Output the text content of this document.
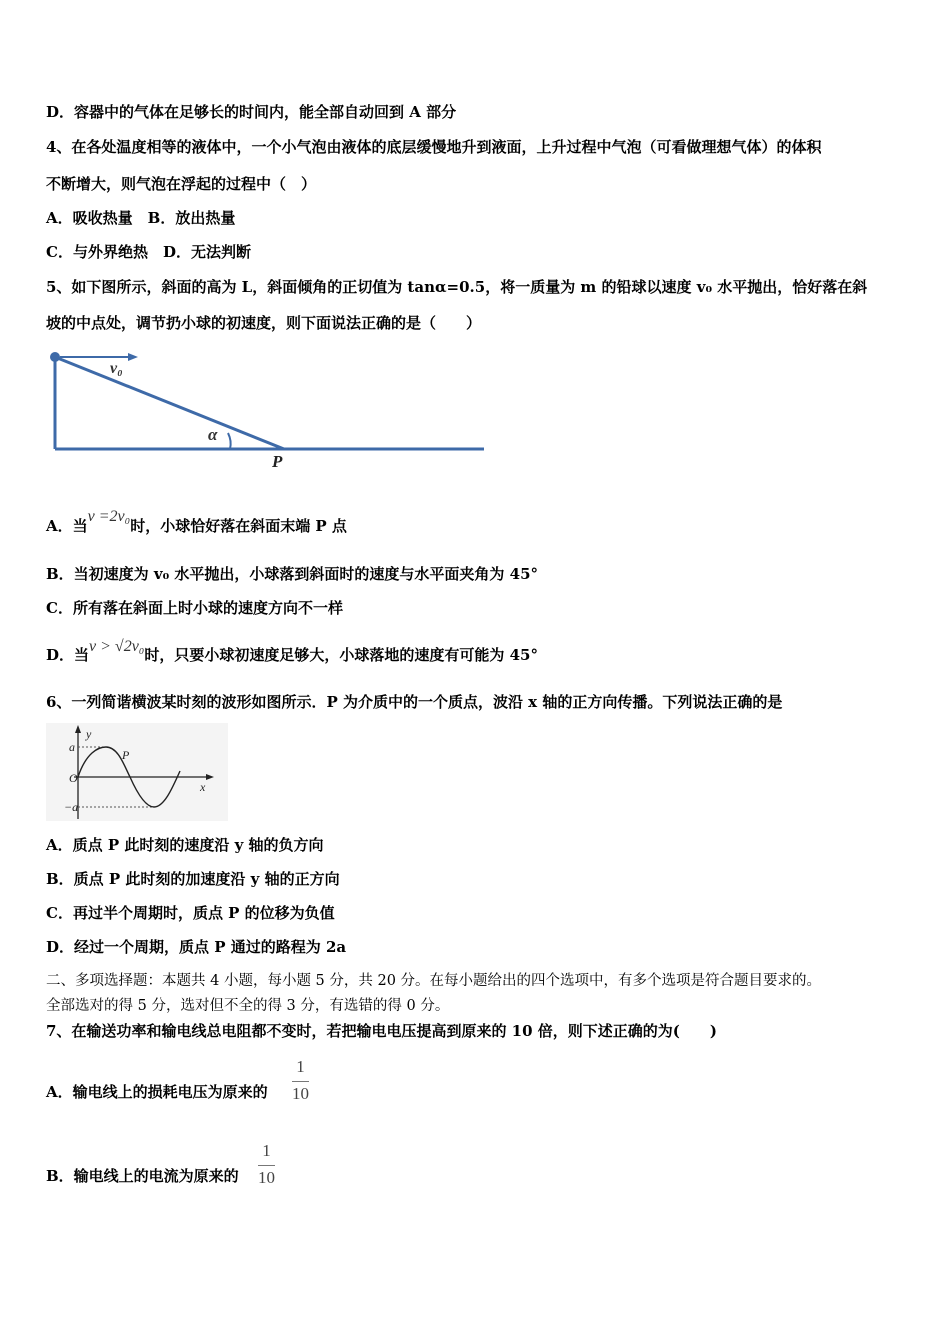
D．容器中的气体在足够长的时间内，能全部自动回到 A 部分
4、在各处温度相等的液体中，一个小气泡由液体的底层缓慢地升到液面，上升过程中气泡（可看做理想气体）的体积
不断增大，则气泡在浮起的过程中（　）
A．吸收热量　B．放出热量
C．与外界绝热　D．无法判断
5、如下图所示，斜面的高为 L，斜面倾角的正切值为 tanα=0.5，将一质量为 m 的铅球以速度 v₀ 水平抛出，恰好落在斜
坡的中点处，调节扔小球的初速度，则下面说法正确的是（　　）
v₀
α
P
A．当v =2v₀时，小球恰好落在斜面末端 P 点
B．当初速度为 v₀ 水平抛出，小球落到斜面时的速度与水平面夹角为 45°
C．所有落在斜面上时小球的速度方向不一样
D．当v > √2v₀时，只要小球初速度足够大，小球落地的速度有可能为 45°
6、一列简谐横波某时刻的波形如图所示．P 为介质中的一个质点，波沿 x 轴的正方向传播。下列说法正确的是
y
x
O
a
−a
P
A．质点 P 此时刻的速度沿 y 轴的负方向
B．质点 P 此时刻的加速度沿 y 轴的正方向
C．再过半个周期时，质点 P 的位移为负值
D．经过一个周期，质点 P 通过的路程为 2a
二、多项选择题：本题共 4 小题，每小题 5 分，共 20 分。在每小题给出的四个选项中，有多个选项是符合题目要求的。
全部选对的得 5 分，选对但不全的得 3 分，有选错的得 0 分。
7、在输送功率和输电线总电阻都不变时，若把输电电压提高到原来的 10 倍，则下述正确的为(　　)
A．输电线上的损耗电压为原来的 $\frac{1}{10}$
B．输电线上的电流为原来的 $\frac{1}{10}$
